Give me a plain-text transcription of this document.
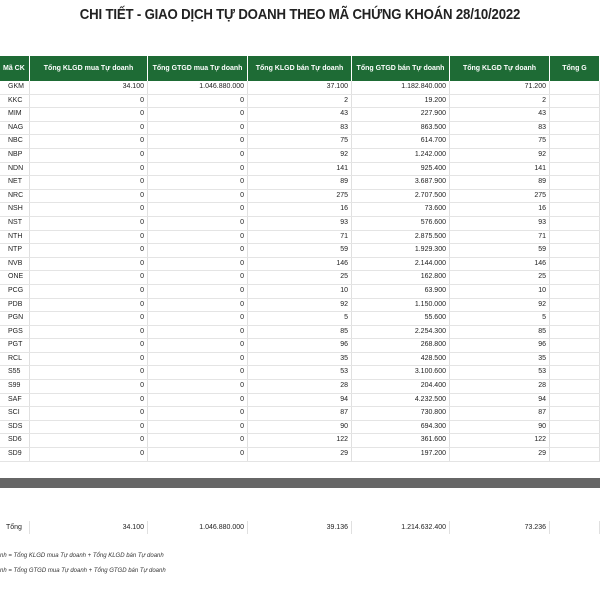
CHI TIẾT - GIAO DỊCH TỰ DOANH THEO MÃ CHỨNG KHOÁN 28/10/2022
Mã CK	Tổng KLGD mua Tự doanh	Tổng GTGD mua Tự doanh	Tổng KLGD bán Tự doanh	Tổng GTGD bán Tự doanh	Tổng KLGD Tự doanh	Tổng G
GKM	34.100	1.046.880.000	37.100	1.182.840.000	71.200
KKC	0	0	2	19.200	2
MIM	0	0	43	227.900	43
NAG	0	0	83	863.500	83
NBC	0	0	75	614.700	75
NBP	0	0	92	1.242.000	92
NDN	0	0	141	925.400	141
NET	0	0	89	3.687.900	89
NRC	0	0	275	2.707.500	275
NSH	0	0	16	73.600	16
NST	0	0	93	576.600	93
NTH	0	0	71	2.875.500	71
NTP	0	0	59	1.929.300	59
NVB	0	0	146	2.144.000	146
ONE	0	0	25	162.800	25
PCG	0	0	10	63.900	10
PDB	0	0	92	1.150.000	92
PGN	0	0	5	55.600	5
PGS	0	0	85	2.254.300	85
PGT	0	0	96	268.800	96
RCL	0	0	35	428.500	35
S55	0	0	53	3.100.600	53
S99	0	0	28	204.400	28
SAF	0	0	94	4.232.500	94
SCI	0	0	87	730.800	87
SDS	0	0	90	694.300	90
SD6	0	0	122	361.600	122
SD9	0	0	29	197.200	29
Tổng	34.100	1.046.880.000	39.136	1.214.632.400	73.236
nh = Tổng KLGD mua Tự doanh + Tổng KLGD bán Tự doanh
nh = Tổng GTGD mua Tự doanh + Tổng GTGD bán Tự doanh
